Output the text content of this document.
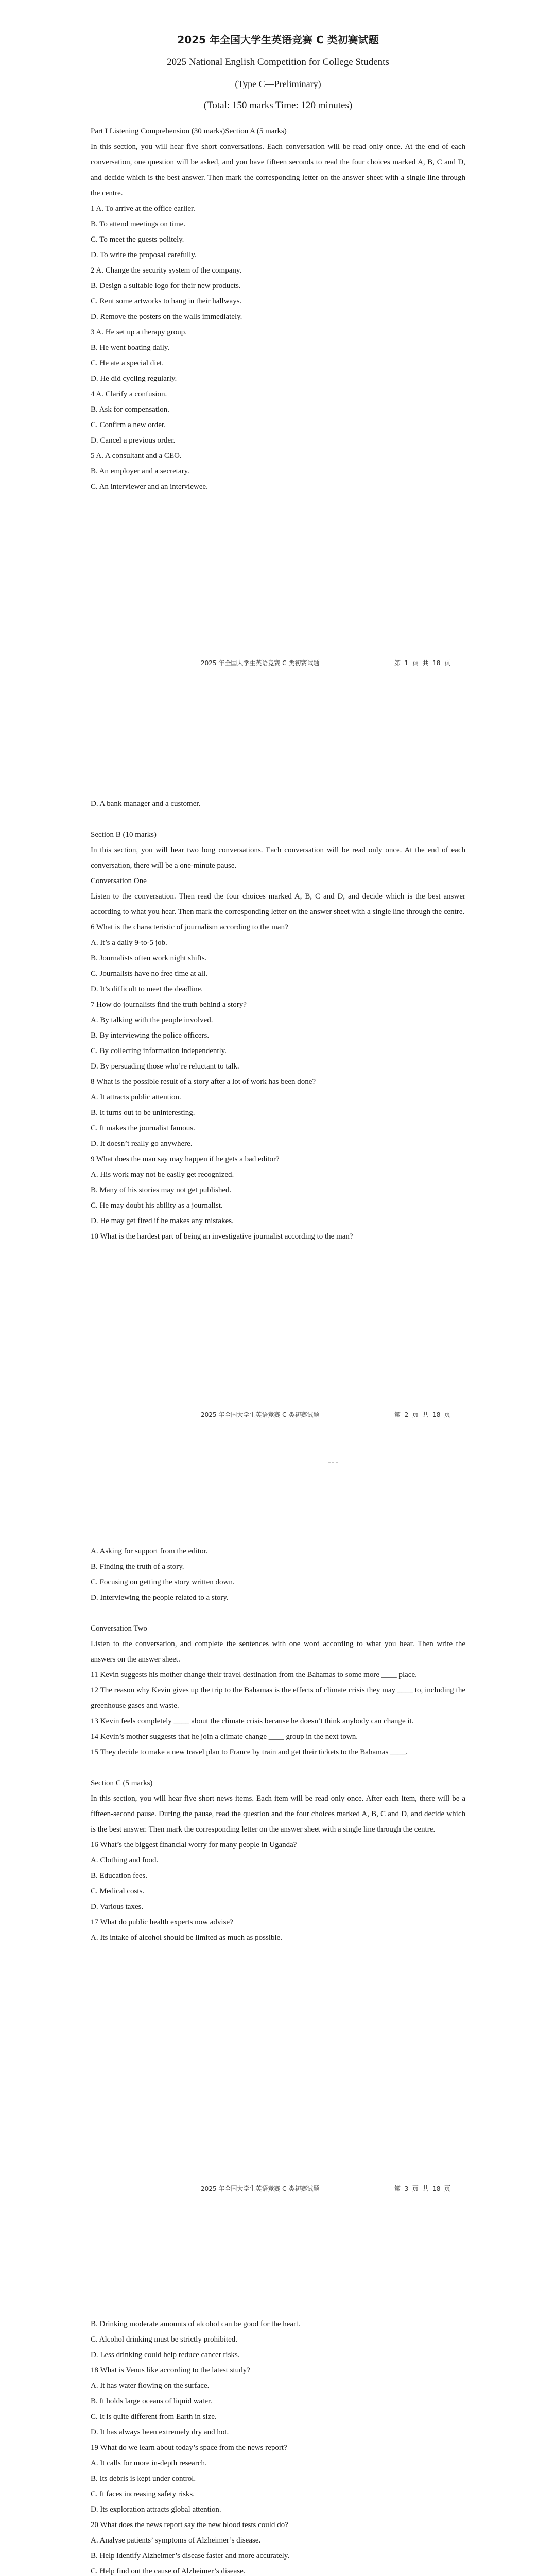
2025 年全国大学生英语竞赛 C 类初赛试题
2025 National English Competition for College Students
(Type C—Preliminary)
(Total: 150 marks Time: 120 minutes)
Part I Listening Comprehension (30 marks)Section A (5 marks)
In this section, you will hear five short conversations. Each conversation will be read only once. At the end of each conversation, one question will be asked, and you have fifteen seconds to read the four choices marked A, B, C and D, and decide which is the best answer. Then mark the corresponding letter on the answer sheet with a single line through the centre.
1 A. To arrive at the office earlier.
B. To attend meetings on time.
C. To meet the guests politely.
D. To write the proposal carefully.
2 A. Change the security system of the company.
B. Design a suitable logo for their new products.
C. Rent some artworks to hang in their hallways.
D. Remove the posters on the walls immediately.
3 A. He set up a therapy group.
B. He went boating daily.
C. He ate a special diet.
D. He did cycling regularly.
4 A. Clarify a confusion.
B. Ask for compensation.
C. Confirm a new order.
D. Cancel a previous order.
5 A. A consultant and a CEO.
B. An employer and a secretary.
C. An interviewer and an interviewee.
2025 年全国大学生英语竞赛 C 类初赛试题	第  1  页  共  18  页
D. A bank manager and a customer.
Section B (10 marks)
In this section, you will hear two long conversations. Each conversation will be read only once. At the end of each conversation, there will be a one-minute pause.
Conversation One
Listen to the conversation. Then read the four choices marked A, B, C and D, and decide which is the best answer according to what you hear. Then mark the corresponding letter on the answer sheet with a single line through the centre.
6 What is the characteristic of journalism according to the man?
A. It’s a daily 9-to-5 job.
B. Journalists often work night shifts.
C. Journalists have no free time at all.
D. It’s difficult to meet the deadline.
7 How do journalists find the truth behind a story?
A. By talking with the people involved.
B. By interviewing the police officers.
C. By collecting information independently.
D. By persuading those who’re reluctant to talk.
8 What is the possible result of a story after a lot of work has been done?
A. It attracts public attention.
B. It turns out to be uninteresting.
C. It makes the journalist famous.
D. It doesn’t really go anywhere.
9 What does the man say may happen if he gets a bad editor?
A. His work may not be easily get recognized.
B. Many of his stories may not get published.
C. He may doubt his ability as a journalist.
D. He may get fired if he makes any mistakes.
10 What is the hardest part of being an investigative journalist according to the man?
2025 年全国大学生英语竞赛 C 类初赛试题	第  2  页  共  18  页
A. Asking for support from the editor.
B. Finding the truth of a story.
C. Focusing on getting the story written down.
D. Interviewing the people related to a story.
Conversation Two
Listen to the conversation, and complete the sentences with one word according to what you hear. Then write the answers on the answer sheet.
11 Kevin suggests his mother change their travel destination from the Bahamas to some more ____ place.
12 The reason why Kevin gives up the trip to the Bahamas is the effects of climate crisis they may ____ to, including the greenhouse gases and waste.
13 Kevin feels completely ____ about the climate crisis because he doesn’t think anybody can change it.
14 Kevin’s mother suggests that he join a climate change ____ group in the next town.
15 They decide to make a new travel plan to France by train and get their tickets to the Bahamas ____.
Section C (5 marks)
In this section, you will hear five short news items. Each item will be read only once. After each item, there will be a fifteen-second pause. During the pause, read the question and the four choices marked A, B, C and D, and decide which is the best answer. Then mark the corresponding letter on the answer sheet with a single line through the centre.
16 What’s the biggest financial worry for many people in Uganda?
A. Clothing and food.
B. Education fees.
C. Medical costs.
D. Various taxes.
17 What do public health experts now advise?
A. Its intake of alcohol should be limited as much as possible.
2025 年全国大学生英语竞赛 C 类初赛试题	第  3  页  共  18  页
B. Drinking moderate amounts of alcohol can be good for the heart.
C. Alcohol drinking must be strictly prohibited.
D. Less drinking could help reduce cancer risks.
18 What is Venus like according to the latest study?
A. It has water flowing on the surface.
B. It holds large oceans of liquid water.
C. It is quite different from Earth in size.
D. It has always been extremely dry and hot.
19 What do we learn about today’s space from the news report?
A. It calls for more in-depth research.
B. Its debris is kept under control.
C. It faces increasing safety risks.
D. Its exploration attracts global attention.
20 What does the news report say the new blood tests could do?
A. Analyse patients’ symptoms of Alzheimer’s disease.
B. Help identify Alzheimer’s disease faster and more accurately.
C. Help find out the cause of Alzheimer’s disease.
